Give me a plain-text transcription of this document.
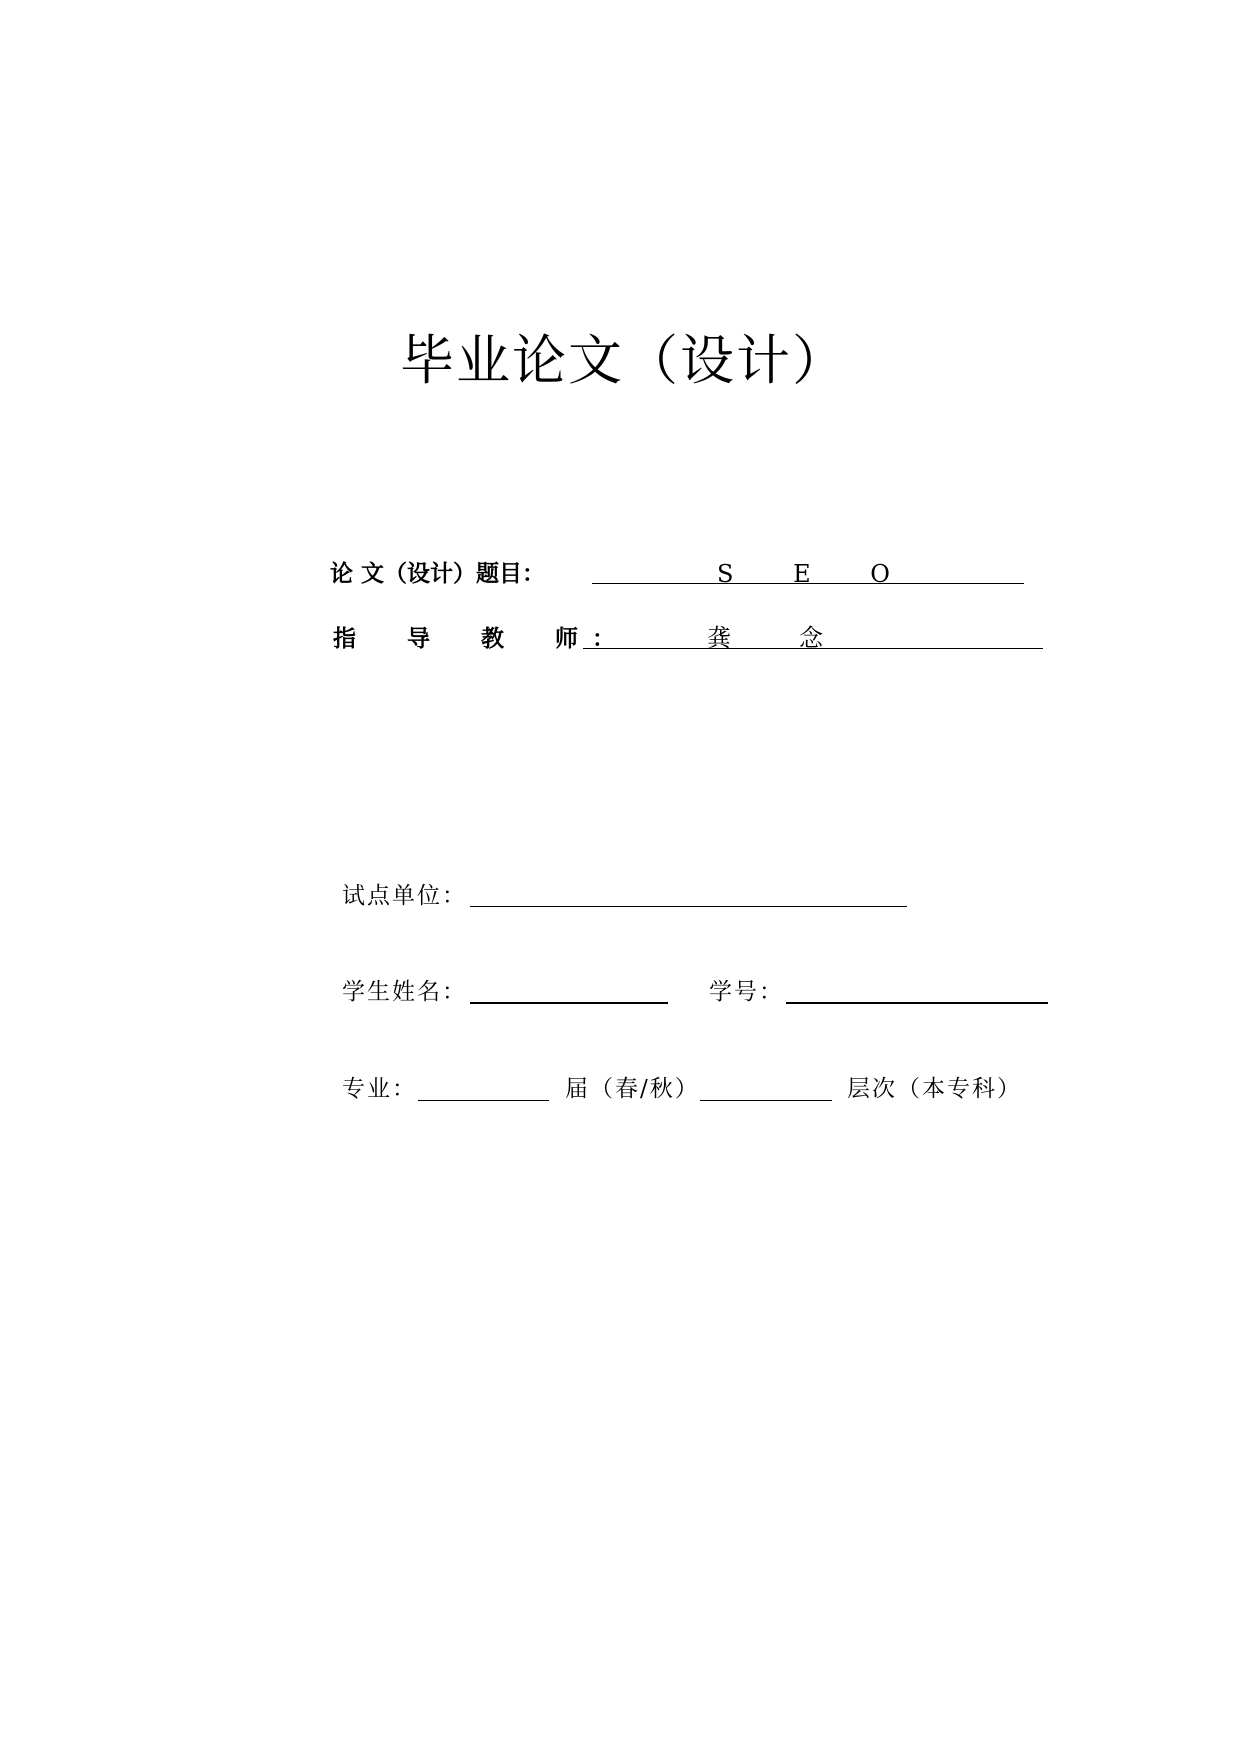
毕业论文（设计）
论 文（设计）题目：	S E O
指　导　教　师：	龚　念
试点单位：
学生姓名：	学号：
专业：	届（春/秋）	层次（本专科）
